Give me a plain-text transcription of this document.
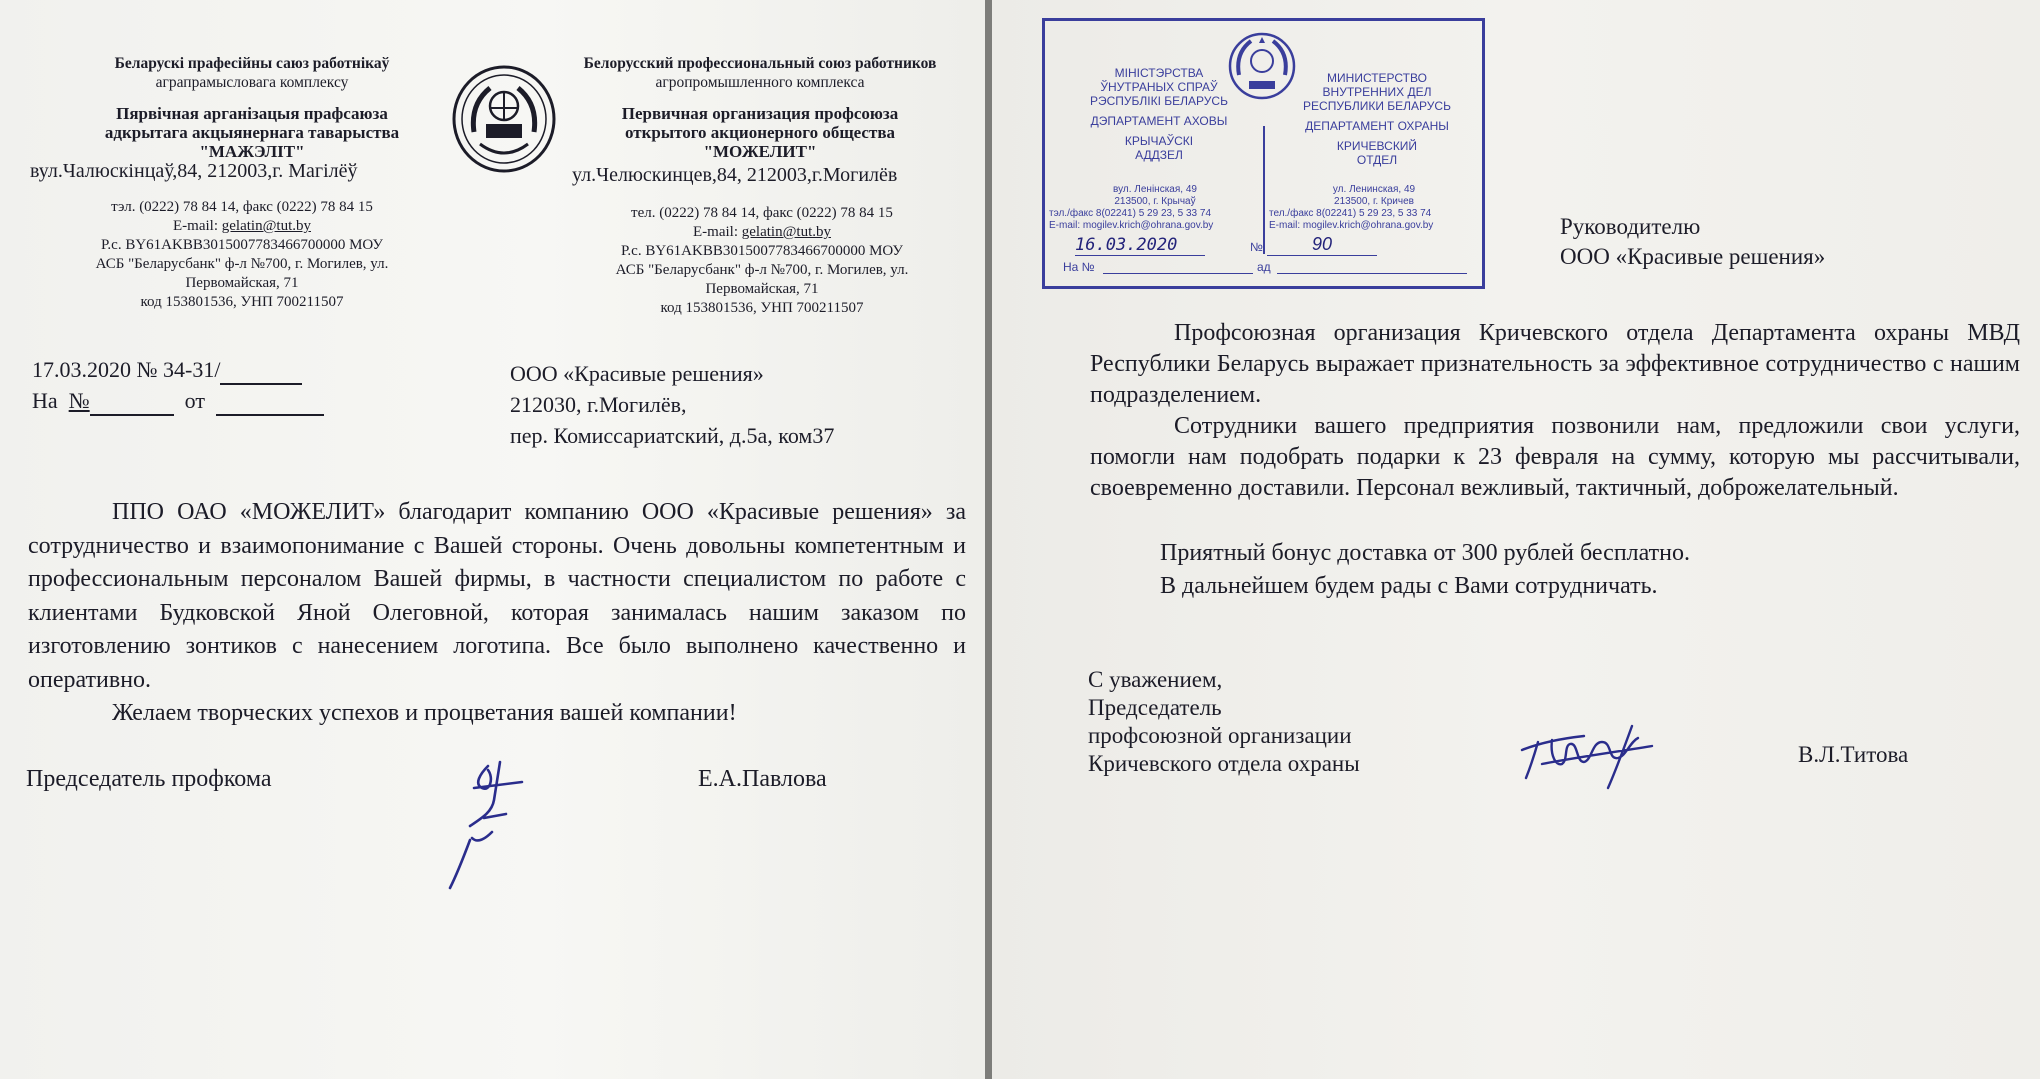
Беларускі прафесійны саюз работнікаў
аграпрамысловага комплексу
Пярвічная арганізацыя прафсаюза
адкрытага акцыянернага таварыства
"МАЖЭЛІТ"
вул.Чалюскінцаў,84, 212003,г. Магілёў
тэл. (0222) 78 84 14, факс (0222) 78 84 15
E-mail: gelatin@tut.by
Р.с. BY61AKBB3015007783466700000 МОУ
АСБ "Беларусбанк" ф-л №700, г. Могилев, ул.
Первомайская, 71
код 153801536, УНП 700211507
Белорусский профессиональный союз работников
агропромышленного комплекса
Первичная организация профсоюза
открытого акционерного общества
"МОЖЕЛИТ"
ул.Челюскинцев,84, 212003,г.Могилёв
тел. (0222) 78 84 14, факс (0222) 78 84 15
E-mail: gelatin@tut.by
Р.с. BY61AKBB3015007783466700000 МОУ
АСБ "Беларусбанк" ф-л №700, г. Могилев, ул.
Первомайская, 71
код 153801536, УНП 700211507
17.03.2020 № 34-31/
На №	от
ООО «Красивые решения»
212030, г.Могилёв,
пер. Комиссариатский, д.5а, ком37
ППО ОАО «МОЖЕЛИТ» благодарит компанию ООО «Красивые решения» за сотрудничество и взаимопонимание с Вашей стороны. Очень довольны компетентным и профессиональным персоналом Вашей фирмы, в частности специалистом по работе с клиентами Будковской Яной Олеговной, которая занималась нашим заказом по изготовлению зонтиков с нанесением логотипа. Все было выполнено качественно и оперативно.
Желаем творческих успехов и процветания вашей компании!
Председатель профкома	Е.А.Павлова
МІНІСТЭРСТВА
ЎНУТРАНЫХ СПРАЎ
РЭСПУБЛІКІ БЕЛАРУСЬ
ДЭПАРТАМЕНТ АХОВЫ
КРЫЧАЎСКІ
АДДЗЕЛ
МИНИСТЕРСТВО
ВНУТРЕННИХ ДЕЛ
РЕСПУБЛИКИ БЕЛАРУСЬ
ДЕПАРТАМЕНТ ОХРАНЫ
КРИЧЕВСКИЙ
ОТДЕЛ
вул. Ленінская, 49
213500, г. Крычаў
тэл./факс 8(02241) 5 29 23, 5 33 74
E-mail: mogilev.krich@ohrana.gov.by
ул. Ленинская, 49
213500, г. Кричев
тел./факс 8(02241) 5 29 23, 5 33 74
E-mail: mogilev.krich@ohrana.gov.by
16.03.2020	№	90
На №	ад
Руководителю
ООО «Красивые решения»
Профсоюзная организация Кричевского отдела Департамента охраны МВД Республики Беларусь выражает признательность за эффективное сотрудничество с нашим подразделением.
Сотрудники вашего предприятия позвонили нам, предложили свои услуги, помогли нам подобрать подарки к 23 февраля на сумму, которую мы рассчитывали, своевременно доставили. Персонал вежливый, тактичный, доброжелательный.
Приятный бонус доставка от 300 рублей бесплатно.
В дальнейшем будем рады с Вами сотрудничать.
С уважением,
Председатель
профсоюзной организации
Кричевского отдела охраны	В.Л.Титова
